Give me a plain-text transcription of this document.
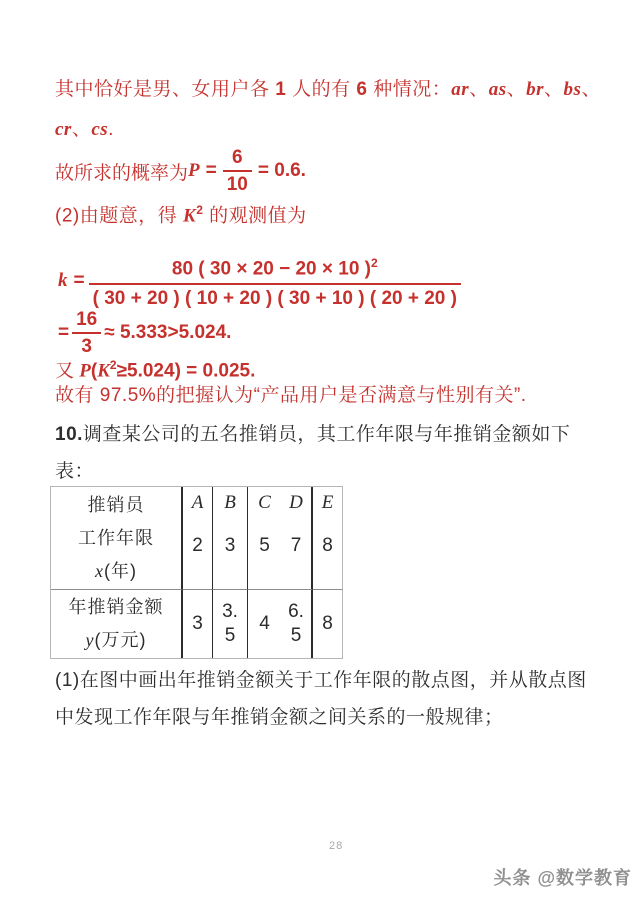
其中恰好是男、女用户各 1 人的有 6 种情况：ar、as、br、bs、
cr、cs.
故所求的概率为 $P = \frac{6}{10} = 0.6$.
(2)由题意，得 $K^2$ 的观测值为
$k = \frac{80 ( 30 \times 20 - 20 \times 10 )^2}{( 30 + 20 ) ( 10 + 20 ) ( 30 + 10 ) ( 20 + 20 )}$
= $\frac{16}{3} \approx 5.333>5.024$.
又 $P(K^2\ge 5.024) = 0.025$.
故有 97.5%的把握认为“产品用户是否满意与性别有关”.
10.调查某公司的五名推销员，其工作年限与年推销金额如下
表：
推销员
工作年限
x(年)
A
2
B
3
C
5
D
7
E
8
年推销金额
y(万元)
3
3.
5
4
6.
5
8
(1)在图中画出年推销金额关于工作年限的散点图，并从散点图
中发现工作年限与年推销金额之间关系的一般规律；
28
头条 @数学教育
